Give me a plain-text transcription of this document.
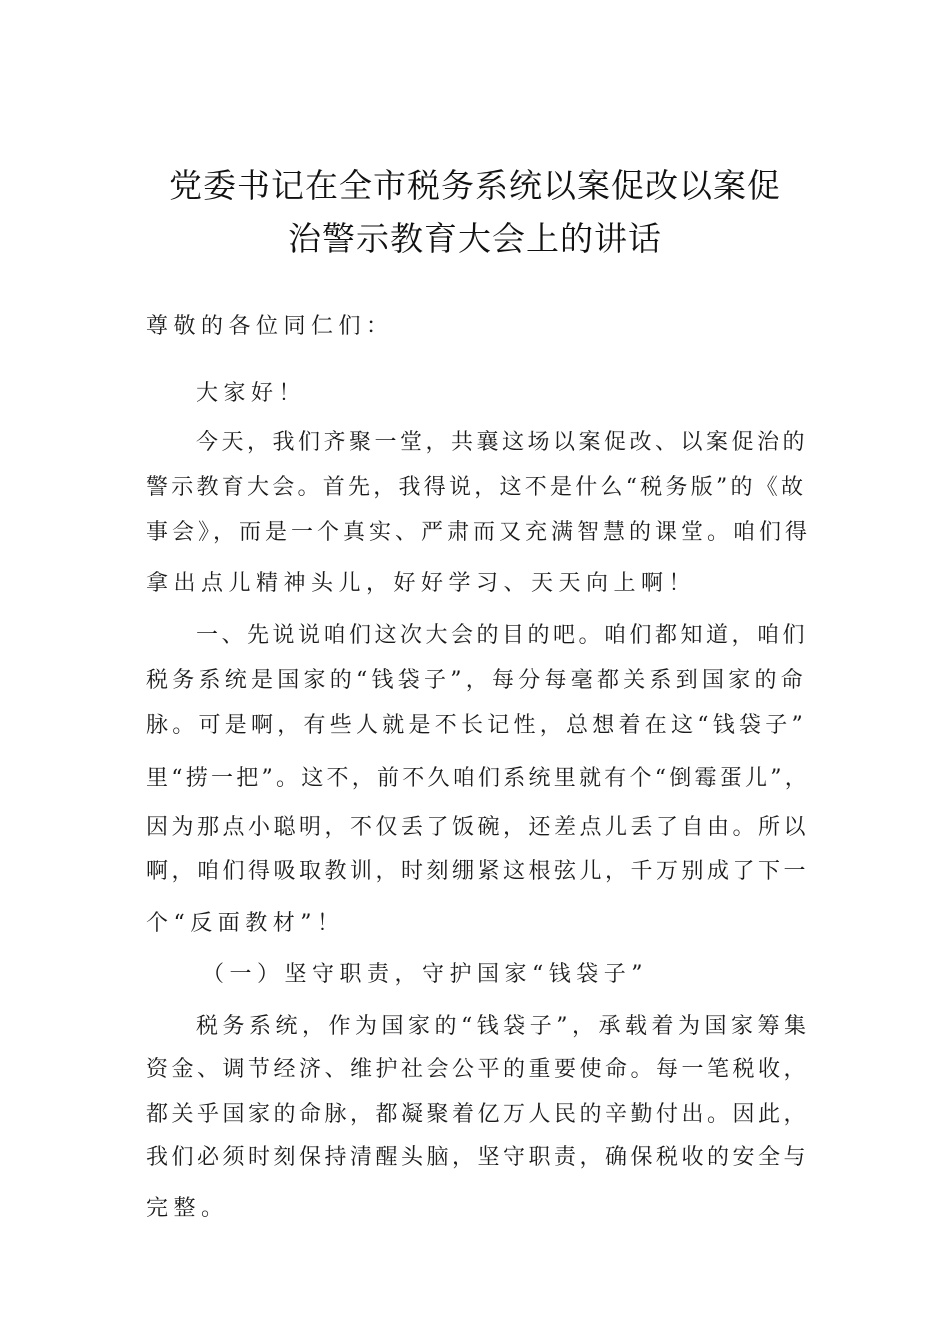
党委书记在全市税务系统以案促改以案促
治警示教育大会上的讲话
尊敬的各位同仁们：
大家好！
今天，我们齐聚一堂，共襄这场以案促改、以案促治的
警示教育大会。首先，我得说，这不是什么“税务版”的《故
事会》，而是一个真实、严肃而又充满智慧的课堂。咱们得
拿出点儿精神头儿，好好学习、天天向上啊！
一、先说说咱们这次大会的目的吧。咱们都知道，咱们
税务系统是国家的“钱袋子”，每分每毫都关系到国家的命
脉。可是啊，有些人就是不长记性，总想着在这“钱袋子”
里“捞一把”。这不，前不久咱们系统里就有个“倒霉蛋儿”，
因为那点小聪明，不仅丢了饭碗，还差点儿丢了自由。所以
啊，咱们得吸取教训，时刻绷紧这根弦儿，千万别成了下一
个“反面教材”！
（一）坚守职责，守护国家“钱袋子”
税务系统，作为国家的“钱袋子”，承载着为国家筹集
资金、调节经济、维护社会公平的重要使命。每一笔税收，
都关乎国家的命脉，都凝聚着亿万人民的辛勤付出。因此，
我们必须时刻保持清醒头脑，坚守职责，确保税收的安全与
完整。
